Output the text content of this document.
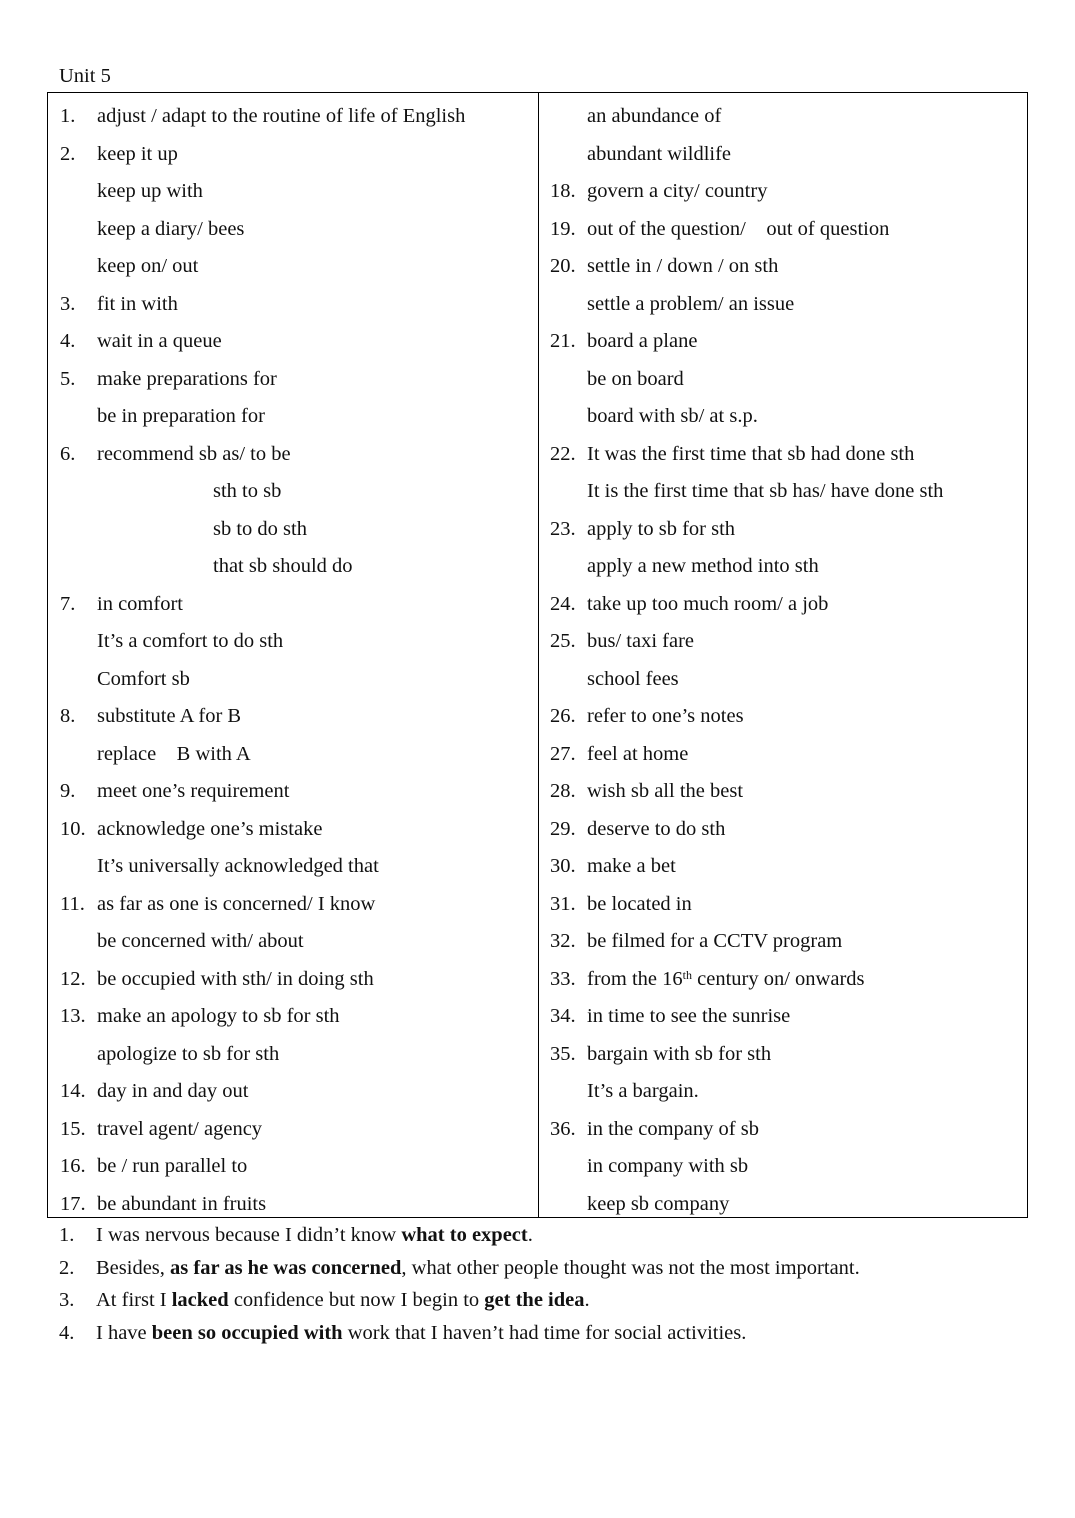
Unit 5
1. adjust / adapt to the routine of life of English
2. keep it up
keep up with
keep a diary/ bees
keep on/ out
3. fit in with
4. wait in a queue
5. make preparations for
be in preparation for
6. recommend sb as/ to be
sth to sb
sb to do sth
that sb should do
7. in comfort
It’s a comfort to do sth
Comfort sb
8. substitute A for B
replace    B with A
9. meet one’s requirement
10. acknowledge one’s mistake
It’s universally acknowledged that
11. as far as one is concerned/ I know
be concerned with/ about
12. be occupied with sth/ in doing sth
13. make an apology to sb for sth
apologize to sb for sth
14. day in and day out
15. travel agent/ agency
16. be / run parallel to
17. be abundant in fruits
an abundance of
abundant wildlife
18. govern a city/ country
19. out of the question/    out of question
20. settle in / down / on sth
settle a problem/ an issue
21. board a plane
be on board
board with sb/ at s.p.
22. It was the first time that sb had done sth
It is the first time that sb has/ have done sth
23. apply to sb for sth
apply a new method into sth
24. take up too much room/ a job
25. bus/ taxi fare
school fees
26. refer to one’s notes
27. feel at home
28. wish sb all the best
29. deserve to do sth
30. make a bet
31. be located in
32. be filmed for a CCTV program
33. from the 16th century on/ onwards
34. in time to see the sunrise
35. bargain with sb for sth
It’s a bargain.
36. in the company of sb
in company with sb
keep sb company
1. I was nervous because I didn’t know what to expect.
2. Besides, as far as he was concerned, what other people thought was not the most important.
3. At first I lacked confidence but now I begin to get the idea.
4. I have been so occupied with work that I haven’t had time for social activities.
